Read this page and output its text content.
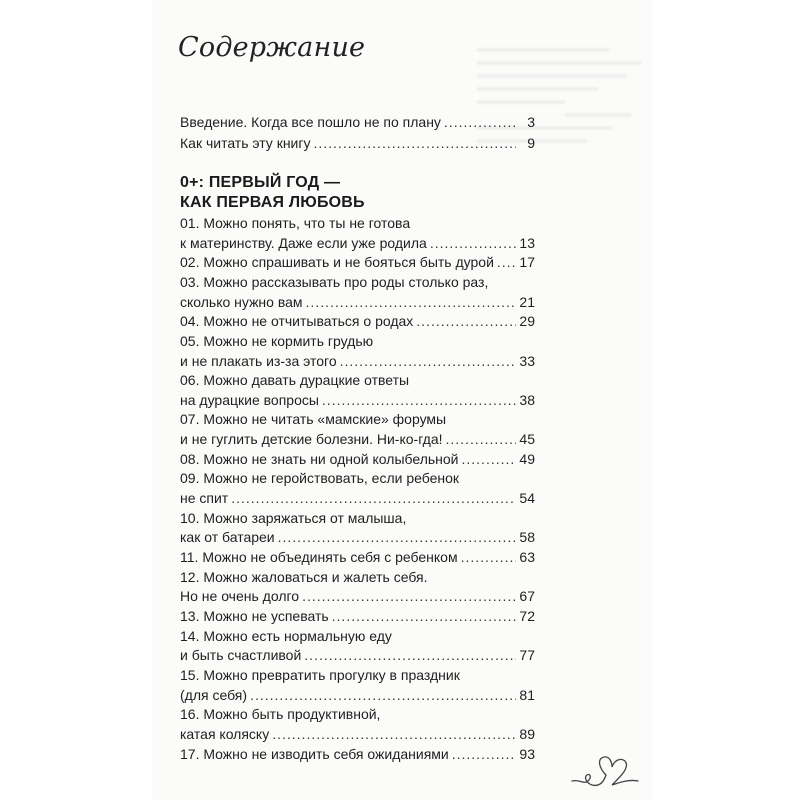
Содержание
Введение. Когда все пошло не по плану .....	3
Как читать эту книгу .....	9
0+: ПЕРВЫЙ ГОД —
КАК ПЕРВАЯ ЛЮБОВЬ
01. Можно понять, что ты не готова
к материнству. Даже если уже родила .....	13
02. Можно спрашивать и не бояться быть дурой ..... 17
03. Можно рассказывать про роды столько раз,
сколько нужно вам .....	21
04. Можно не отчитываться о родах .....	29
05. Можно не кормить грудью
и не плакать из-за этого .....	33
06. Можно давать дурацкие ответы
на дурацкие вопросы .....	38
07. Можно не читать «мамские» форумы
и не гуглить детские болезни. Ни-ко-гда! .....	45
08. Можно не знать ни одной колыбельной .....	49
09. Можно не геройствовать, если ребенок
не спит .....	54
10. Можно заряжаться от малыша,
как от батареи .....	58
11. Можно не объединять себя с ребенком .....	63
12. Можно жаловаться и жалеть себя.
Но не очень долго .....	67
13. Можно не успевать .....	72
14. Можно есть нормальную еду
и быть счастливой .....	77
15. Можно превратить прогулку в праздник
(для себя) .....	81
16. Можно быть продуктивной,
катая коляску .....	89
17. Можно не изводить себя ожиданиями .....	93
